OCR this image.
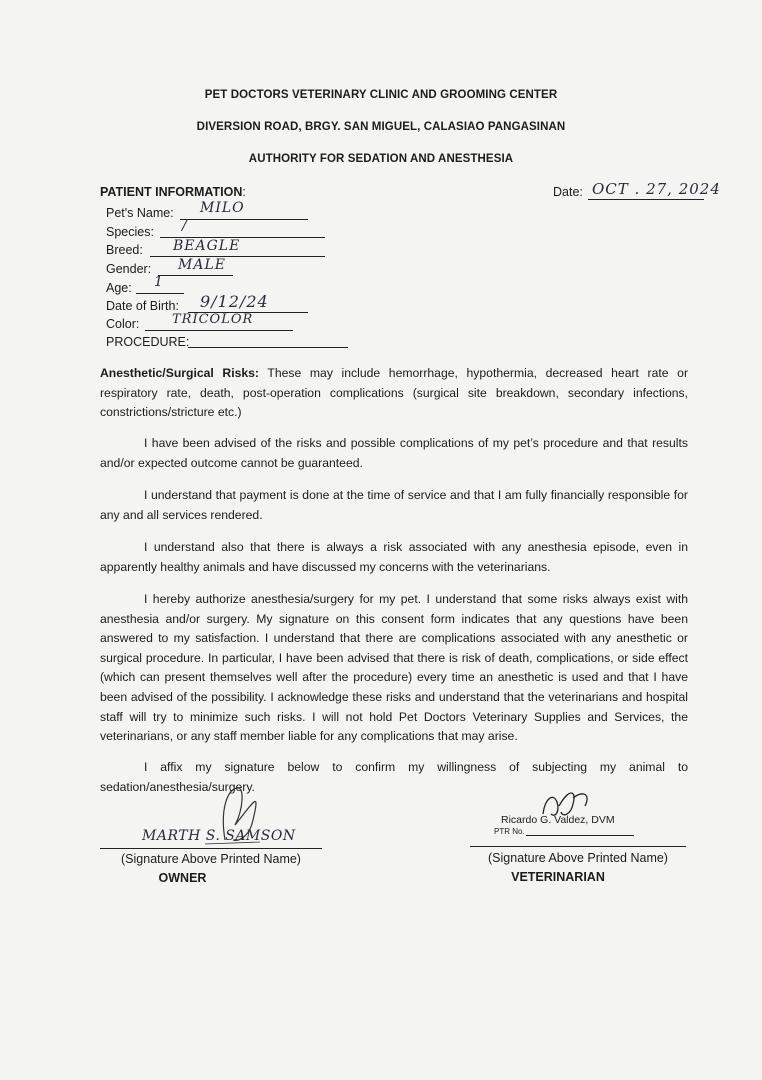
PET DOCTORS VETERINARY CLINIC AND GROOMING CENTER
DIVERSION ROAD, BRGY. SAN MIGUEL, CALASIAO PANGASINAN
AUTHORITY FOR SEDATION AND ANESTHESIA
PATIENT INFORMATION:	Date: OCT . 27, 2024
Pet's Name: MILO
Species: /
Breed: BEAGLE
Gender: MALE
Age: 1
Date of Birth: 9/12/24
Color:	TRICOLOR
PROCEDURE:
Anesthetic/Surgical Risks: These may include hemorrhage, hypothermia, decreased heart rate or respiratory rate, death, post-operation complications (surgical site breakdown, secondary infections, constrictions/stricture etc.)
I have been advised of the risks and possible complications of my pet’s procedure and that results and/or expected outcome cannot be guaranteed.
I understand that payment is done at the time of service and that I am fully financially responsible for any and all services rendered.
I understand also that there is always a risk associated with any anesthesia episode, even in apparently healthy animals and have discussed my concerns with the veterinarians.
I hereby authorize anesthesia/surgery for my pet. I understand that some risks always exist with anesthesia and/or surgery. My signature on this consent form indicates that any questions have been answered to my satisfaction. I understand that there are complications associated with any anesthetic or surgical procedure. In particular, I have been advised that there is risk of death, complications, or side effect (which can present themselves well after the procedure) every time an anesthetic is used and that I have been advised of the possibility. I acknowledge these risks and understand that the veterinarians and hospital staff will try to minimize such risks. I will not hold Pet Doctors Veterinary Supplies and Services, the veterinarians, or any staff member liable for any complications that may arise.
I affix my signature below to confirm my willingness of subjecting my animal to sedation/anesthesia/surgery.
MARTH S. SAMSON
(Signature Above Printed Name)
OWNER
Ricardo G. Valdez, DVM
PTR No.
(Signature Above Printed Name)
VETERINARIAN
